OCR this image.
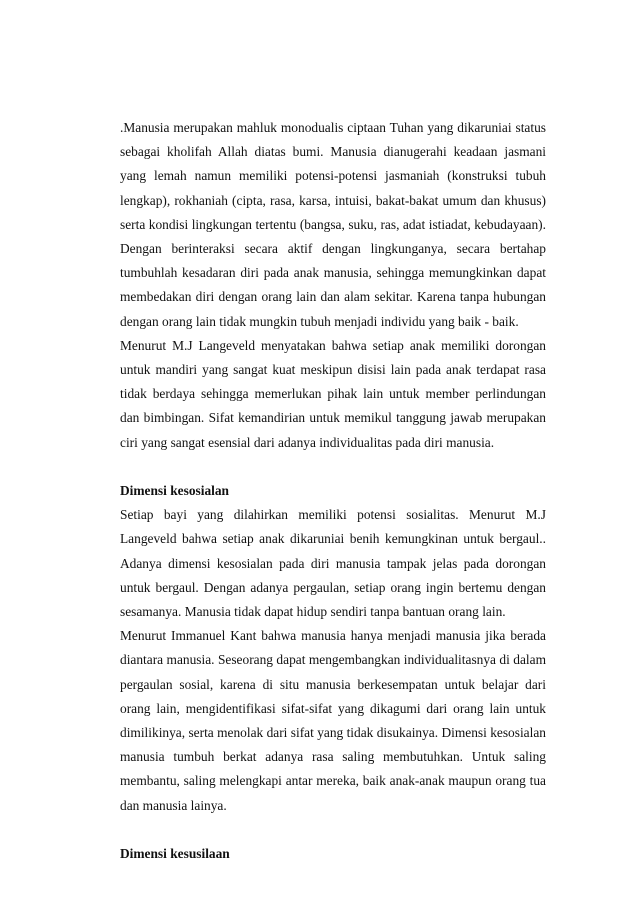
.Manusia merupakan mahluk monodualis ciptaan Tuhan yang dikaruniai status sebagai kholifah Allah diatas bumi. Manusia dianugerahi keadaan jasmani yang lemah namun memiliki potensi-potensi jasmaniah (konstruksi tubuh lengkap), rokhaniah (cipta, rasa, karsa, intuisi, bakat-bakat umum dan khusus) serta kondisi lingkungan tertentu (bangsa, suku, ras, adat istiadat, kebudayaan). Dengan berinteraksi secara aktif dengan lingkunganya, secara bertahap tumbuhlah kesadaran diri pada anak manusia, sehingga memungkinkan dapat membedakan diri dengan orang lain dan alam sekitar. Karena tanpa hubungan dengan orang lain tidak mungkin tubuh menjadi individu yang baik - baik.

Menurut M.J Langeveld menyatakan bahwa setiap anak memiliki dorongan untuk mandiri yang sangat kuat meskipun disisi lain pada anak terdapat rasa tidak berdaya sehingga memerlukan pihak lain untuk member perlindungan dan bimbingan. Sifat kemandirian untuk memikul tanggung jawab merupakan ciri yang sangat esensial dari adanya individualitas pada diri manusia.

Dimensi kesosialan

Setiap bayi yang dilahirkan memiliki potensi sosialitas. Menurut M.J Langeveld bahwa setiap anak dikaruniai benih kemungkinan untuk bergaul.. Adanya dimensi kesosialan pada diri manusia tampak jelas pada dorongan untuk bergaul. Dengan adanya pergaulan, setiap orang ingin bertemu dengan sesamanya. Manusia tidak dapat hidup sendiri tanpa bantuan orang lain.

Menurut Immanuel Kant bahwa manusia hanya menjadi manusia jika berada diantara manusia. Seseorang dapat mengembangkan individualitasnya di dalam pergaulan sosial, karena di situ manusia berkesempatan untuk belajar dari orang lain, mengidentifikasi sifat-sifat yang dikagumi dari orang lain untuk dimilikinya, serta menolak dari sifat yang tidak disukainya. Dimensi kesosialan manusia tumbuh berkat adanya rasa saling membutuhkan. Untuk saling membantu, saling melengkapi antar mereka, baik anak-anak maupun orang tua dan manusia lainya.

Dimensi kesusilaan
